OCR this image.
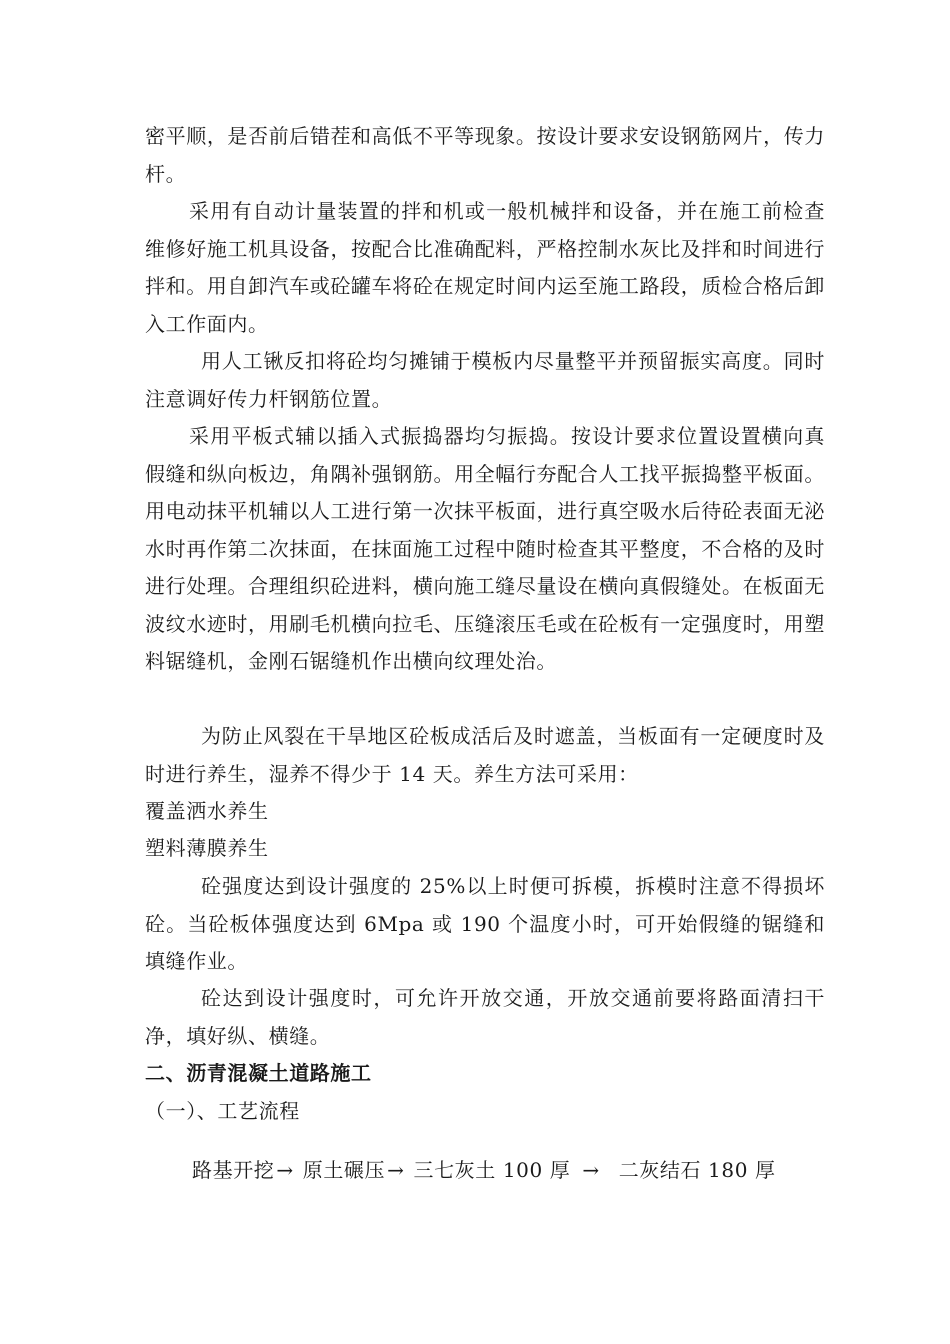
密平顺，是否前后错茬和高低不平等现象。按设计要求安设钢筋网片，传力杆。

采用有自动计量装置的拌和机或一般机械拌和设备，并在施工前检查维修好施工机具设备，按配合比准确配料，严格控制水灰比及拌和时间进行拌和。用自卸汽车或砼罐车将砼在规定时间内运至施工路段，质检合格后卸入工作面内。

用人工锹反扣将砼均匀摊铺于模板内尽量整平并预留振实高度。同时注意调好传力杆钢筋位置。

采用平板式辅以插入式振捣器均匀振捣。按设计要求位置设置横向真假缝和纵向板边，角隅补强钢筋。用全幅行夯配合人工找平振捣整平板面。用电动抹平机辅以人工进行第一次抹平板面，进行真空吸水后待砼表面无泌水时再作第二次抹面，在抹面施工过程中随时检查其平整度，不合格的及时进行处理。合理组织砼进料，横向施工缝尽量设在横向真假缝处。在板面无波纹水迹时，用刷毛机横向拉毛、压缝滚压毛或在砼板有一定强度时，用塑料锯缝机，金刚石锯缝机作出横向纹理处治。

为防止风裂在干旱地区砼板成活后及时遮盖，当板面有一定硬度时及时进行养生，湿养不得少于 14 天。养生方法可采用：

覆盖洒水养生

塑料薄膜养生

砼强度达到设计强度的 25%以上时便可拆模，拆模时注意不得损坏砼。当砼板体强度达到 6Mpa 或 190 个温度小时，可开始假缝的锯缝和填缝作业。

砼达到设计强度时，可允许开放交通，开放交通前要将路面清扫干净，填好纵、横缝。

二、沥青混凝土道路施工

（一）、工艺流程

路基开挖 → 原土碾压 → 三七灰土 100 厚 → 二灰结石 180 厚
